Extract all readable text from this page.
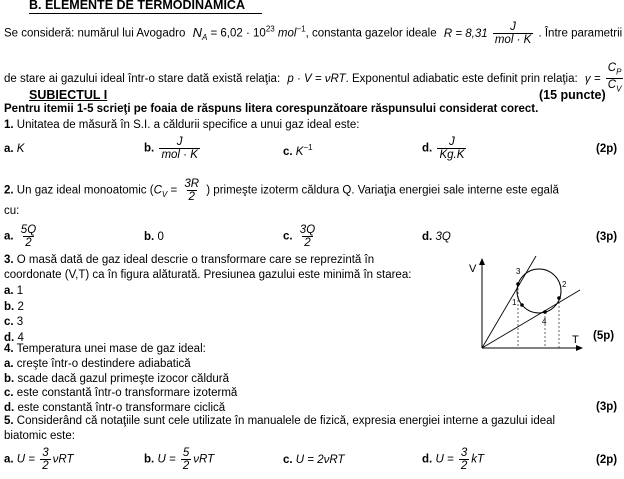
B. ELEMENTE DE TERMODINAMICA
Se consideră: numărul lui Avogadro $N_A = 6,02 \cdot 10^{23}$ mol$^{-1}$, constanta gazelor ideale $R = 8,31 \frac{J}{\text{mol · K}}$ . Între parametrii
de stare ai gazului ideal într-o stare dată există relaţia: p · V = νRT. Exponentul adiabatic este definit prin relaţia: $\gamma = \frac{C_P}{C_V}$
SUBIECTUL I	(15 puncte)
Pentru itemii 1-5 scrieţi pe foaia de răspuns litera corespunzătoare răspunsului considerat corect.
1. Unitatea de măsură în S.I. a căldurii specifice a unui gaz ideal este:
a. K	b. $\frac{J}{\text{mol · K}}$	c. $K^{-1}$	d. $\frac{J}{Kg.K}$	(2p)
2. Un gaz ideal monoatomic ($C_V = \frac{3R}{2}$ ) primeşte izoterm căldura Q. Variaţia energiei sale interne este egală
cu:
a. $\frac{5Q}{2}$	b. 0	c. $\frac{3Q}{2}$	d. 3Q	(3p)
3. O masă dată de gaz ideal descrie o transformare care se reprezintă în
coordonate (V,T) ca în figura alăturată. Presiunea gazului este minimă în starea:
a. 1
b. 2
c. 3
d. 4	(5p)
V
T
3
1
2
4
4. Temperatura unei mase de gaz ideal:
a. creşte într-o destindere adiabatică
b. scade dacă gazul primeşte izocor căldură
c. este constantă într-o transformare izotermă
d. este constantă într-o transformare ciclică	(3p)
5. Considerând că notaţiile sunt cele utilizate în manualele de fizică, expresia energiei interne a gazului ideal
biatomic este:
a. $U = \frac{3}{2}$ νRT	b. $U = \frac{5}{2}$ νRT	c. U = 2νRT	d. $U = \frac{3}{2}$ kT	(2p)
